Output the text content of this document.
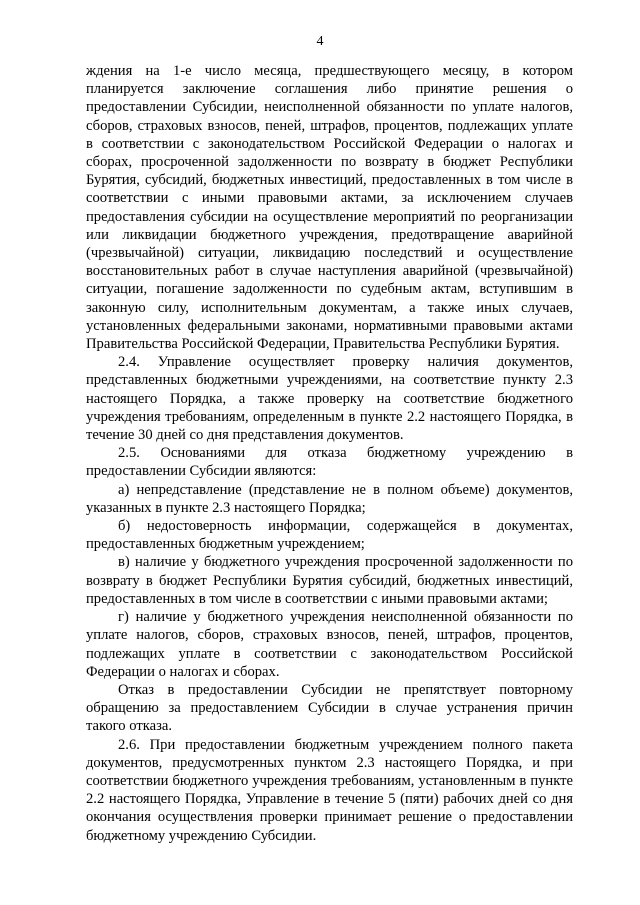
4

ждения на 1-е число месяца, предшествующего месяцу, в котором планируется заключение соглашения либо принятие решения о предоставлении Субсидии, неисполненной обязанности по уплате налогов, сборов, страховых взносов, пеней, штрафов, процентов, подлежащих уплате в соответствии с законодательством Российской Федерации о налогах и сборах, просроченной задолженности по возврату в бюджет Республики Бурятия, субсидий, бюджетных инвестиций, предоставленных в том числе в соответствии с иными правовыми актами, за исключением случаев предоставления субсидии на осуществление мероприятий по реорганизации или ликвидации бюджетного учреждения, предотвращение аварийной (чрезвычайной) ситуации, ликвидацию последствий и осуществление восстановительных работ в случае наступления аварийной (чрезвычайной) ситуации, погашение задолженности по судебным актам, вступившим в законную силу, исполнительным документам, а также иных случаев, установленных федеральными законами, нормативными правовыми актами Правительства Российской Федерации, Правительства Республики Бурятия.

2.4. Управление осуществляет проверку наличия документов, представленных бюджетными учреждениями, на соответствие пункту 2.3 настоящего Порядка, а также проверку на соответствие бюджетного учреждения требованиям, определенным в пункте 2.2 настоящего Порядка, в течение 30 дней со дня представления документов.

2.5. Основаниями для отказа бюджетному учреждению в предоставлении Субсидии являются:

а) непредставление (представление не в полном объеме) документов, указанных в пункте 2.3 настоящего Порядка;

б) недостоверность информации, содержащейся в документах, предоставленных бюджетным учреждением;

в) наличие у бюджетного учреждения просроченной задолженности по возврату в бюджет Республики Бурятия субсидий, бюджетных инвестиций, предоставленных в том числе в соответствии с иными правовыми актами;

г) наличие у бюджетного учреждения неисполненной обязанности по уплате налогов, сборов, страховых взносов, пеней, штрафов, процентов, подлежащих уплате в соответствии с законодательством Российской Федерации о налогах и сборах.

Отказ в предоставлении Субсидии не препятствует повторному обращению за предоставлением Субсидии в случае устранения причин такого отказа.

2.6. При предоставлении бюджетным учреждением полного пакета документов, предусмотренных пунктом 2.3 настоящего Порядка, и при соответствии бюджетного учреждения требованиям, установленным в пункте 2.2 настоящего Порядка, Управление в течение 5 (пяти) рабочих дней со дня окончания осуществления проверки принимает решение о предоставлении бюджетному учреждению Субсидии.
